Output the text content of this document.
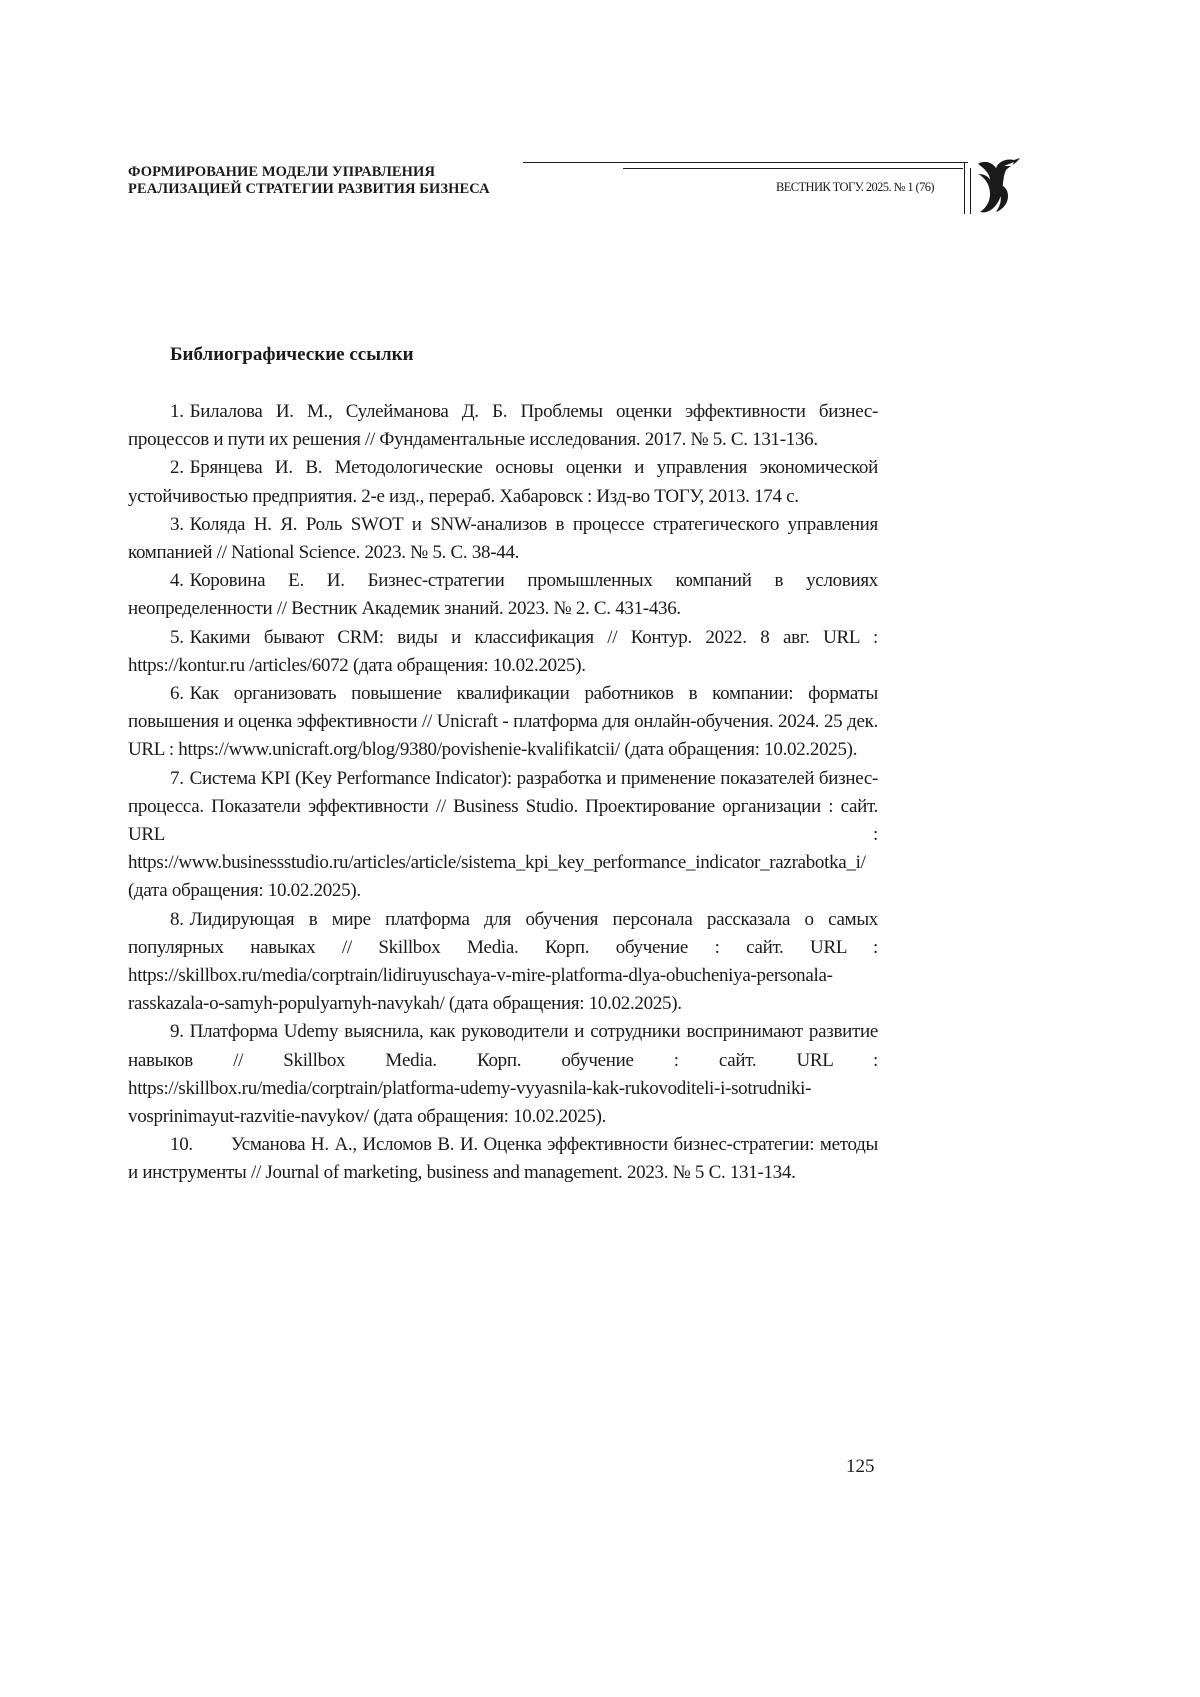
ФОРМИРОВАНИЕ МОДЕЛИ УПРАВЛЕНИЯ
РЕАЛИЗАЦИЕЙ СТРАТЕГИИ РАЗВИТИЯ БИЗНЕСА	ВЕСТНИК ТОГУ. 2025. № 1 (76)
Библиографические ссылки
1. Билалова И. М., Сулейманова Д. Б. Проблемы оценки эффективности бизнес-процессов и пути их решения // Фундаментальные исследования. 2017. № 5. С. 131-136.
2. Брянцева И. В. Методологические основы оценки и управления экономической устойчивостью предприятия. 2-е изд., перераб. Хабаровск : Изд-во ТОГУ, 2013. 174 с.
3. Коляда Н. Я. Роль SWOT и SNW-анализов в процессе стратегического управления компанией // National Science. 2023. № 5. С. 38-44.
4. Коровина Е. И. Бизнес-стратегии промышленных компаний в условиях неопределенности // Вестник Академик знаний. 2023. № 2. С. 431-436.
5. Какими бывают CRM: виды и классификация // Контур. 2022. 8 авг. URL : https://kontur.ru /articles/6072 (дата обращения: 10.02.2025).
6. Как организовать повышение квалификации работников в компании: форматы повышения и оценка эффективности // Unicraft - платформа для онлайн-обучения. 2024. 25 дек. URL : https://www.unicraft.org/blog/9380/povishenie-kvalifikatcii/ (дата обращения: 10.02.2025).
7. Система KPI (Key Performance Indicator): разработка и применение показателей бизнес-процесса. Показатели эффективности // Business Studio. Проектирование организации : сайт. URL : https://www.businessstudio.ru/articles/article/sistema_kpi_key_performance_indicator_razrabotka_i/ (дата обращения: 10.02.2025).
8. Лидирующая в мире платформа для обучения персонала рассказала о самых популярных навыках // Skillbox Media. Корп. обучение : сайт. URL : https://skillbox.ru/media/corptrain/lidiruyuschaya-v-mire-platforma-dlya-obucheniya-personala-rasskazala-o-samyh-populyarnyh-navykah/ (дата обращения: 10.02.2025).
9. Платформа Udemy выяснила, как руководители и сотрудники воспринимают развитие навыков // Skillbox Media. Корп. обучение : сайт. URL : https://skillbox.ru/media/corptrain/platforma-udemy-vyyasnila-kak-rukovoditeli-i-sotrudniki-vosprinimayut-razvitie-navykov/ (дата обращения: 10.02.2025).
10. Усманова Н. А., Исломов В. И. Оценка эффективности бизнес-стратегии: методы и инструменты // Journal of marketing, business and management. 2023. № 5 С. 131-134.
125
